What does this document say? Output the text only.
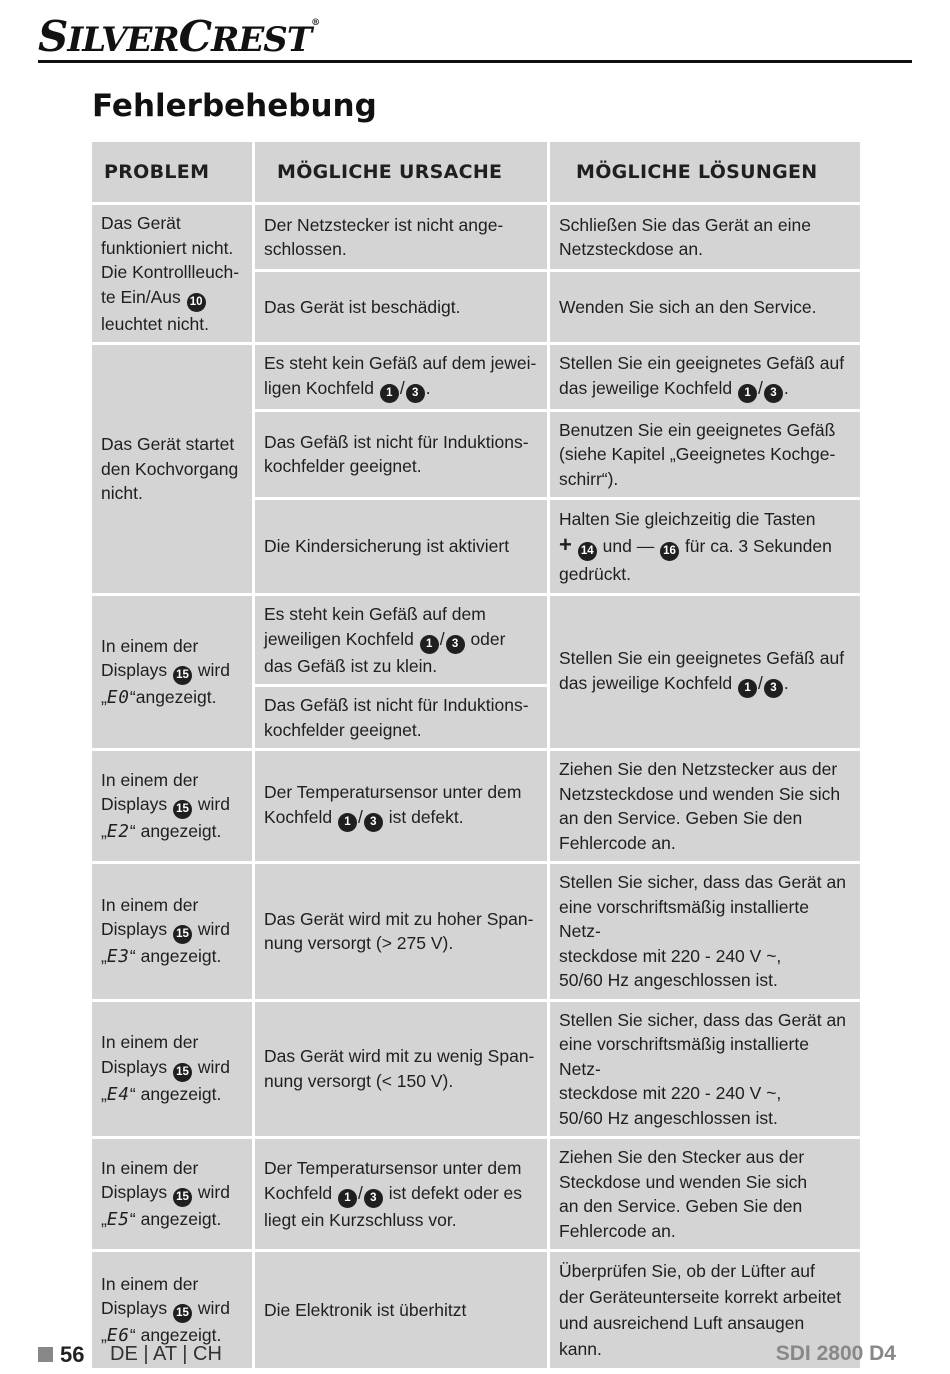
SILVERCREST®
Fehlerbehebung
PROBLEM	MÖGLICHE URSACHE	MÖGLICHE LÖSUNGEN
Das Gerät
funktioniert nicht.
Die Kontrollleuch-
te Ein/Aus 10
leuchtet nicht.	Der Netzstecker ist nicht ange-
schlossen.	Schließen Sie das Gerät an eine
Netzsteckdose an.
	Das Gerät ist beschädigt.	Wenden Sie sich an den Service.
Das Gerät startet
den Kochvorgang
nicht.	Es steht kein Gefäß auf dem jewei-
ligen Kochfeld 1 / 3 .	Stellen Sie ein geeignetes Gefäß auf
das jeweilige Kochfeld 1 / 3 .
	Das Gefäß ist nicht für Induktions-
kochfelder geeignet.	Benutzen Sie ein geeignetes Gefäß
(siehe Kapitel „Geeignetes Kochge-
schirr“).
	Die Kindersicherung ist aktiviert	Halten Sie gleichzeitig die Tasten
+ 14 und — 16 für ca. 3 Sekunden
gedrückt.
In einem der
Displays 15 wird
„E0“angezeigt.	Es steht kein Gefäß auf dem
jeweiligen Kochfeld 1 / 3 oder
das Gefäß ist zu klein.	Stellen Sie ein geeignetes Gefäß auf
das jeweilige Kochfeld 1 / 3 .
	Das Gefäß ist nicht für Induktions-
kochfelder geeignet.	
In einem der
Displays 15 wird
„E2“ angezeigt.	Der Temperatursensor unter dem
Kochfeld 1 / 3 ist defekt.	Ziehen Sie den Netzstecker aus der
Netzsteckdose und wenden Sie sich
an den Service. Geben Sie den
Fehlercode an.
In einem der
Displays 15 wird
„E3“ angezeigt.	Das Gerät wird mit zu hoher Span-
nung versorgt (> 275 V).	Stellen Sie sicher, dass das Gerät an
eine vorschriftsmäßig installierte Netz-
steckdose mit 220 - 240 V ~,
50/60 Hz angeschlossen ist.
In einem der
Displays 15 wird
„E4“ angezeigt.	Das Gerät wird mit zu wenig Span-
nung versorgt (< 150 V).	Stellen Sie sicher, dass das Gerät an
eine vorschriftsmäßig installierte Netz-
steckdose mit 220 - 240 V ~,
50/60 Hz angeschlossen ist.
In einem der
Displays 15 wird
„E5“ angezeigt.	Der Temperatursensor unter dem
Kochfeld 1 / 3 ist defekt oder es
liegt ein Kurzschluss vor.	Ziehen Sie den Stecker aus der
Steckdose und wenden Sie sich
an den Service. Geben Sie den
Fehlercode an.
In einem der
Displays 15 wird
„E6“ angezeigt.	Die Elektronik ist überhitzt	Überprüfen Sie, ob der Lüfter auf
der Geräteunterseite korrekt arbeitet
und ausreichend Luft ansaugen
kann.
56 DE | AT | CH	SDI 2800 D4
